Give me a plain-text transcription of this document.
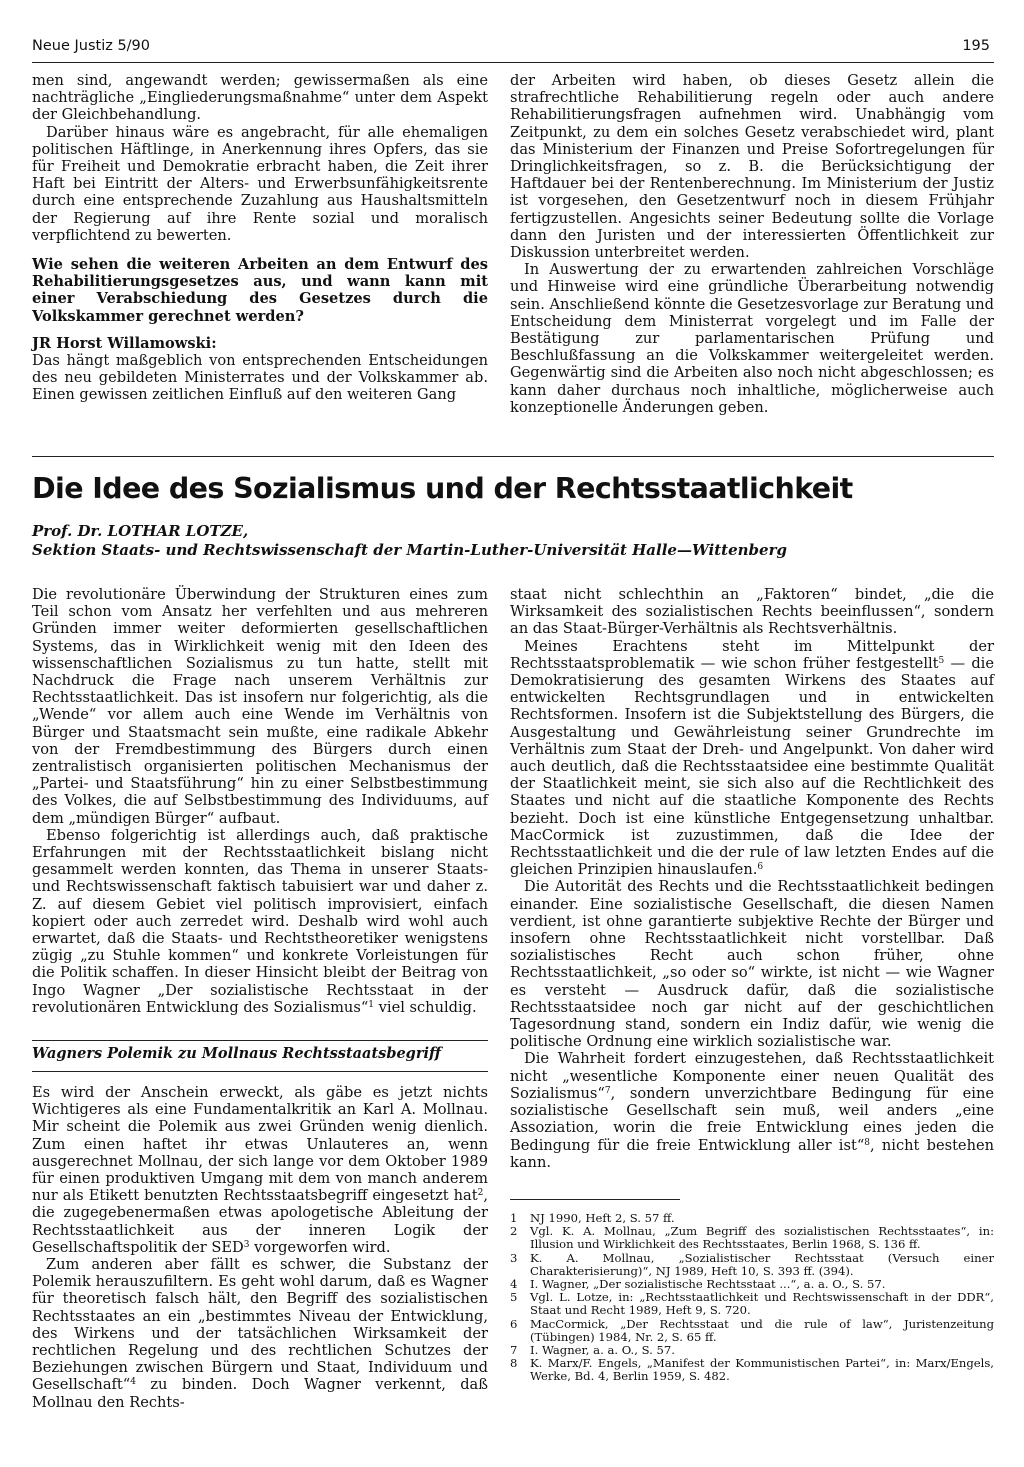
Neue Justiz 5/90	195

men sind, angewandt werden; gewissermaßen als eine nachträgliche „Eingliederungsmaßnahme“ unter dem Aspekt der Gleichbehandlung.

Darüber hinaus wäre es angebracht, für alle ehemaligen politischen Häftlinge, in Anerkennung ihres Opfers, das sie für Freiheit und Demokratie erbracht haben, die Zeit ihrer Haft bei Eintritt der Alters- und Erwerbsunfähigkeitsrente durch eine entsprechende Zuzahlung aus Haushaltsmitteln der Regierung auf ihre Rente sozial und moralisch verpflichtend zu bewerten.

Wie sehen die weiteren Arbeiten an dem Entwurf des Rehabilitierungsgesetzes aus, und wann kann mit einer Verabschiedung des Gesetzes durch die Volkskammer gerechnet werden?

JR Horst Willamowski:

Das hängt maßgeblich von entsprechenden Entscheidungen des neu gebildeten Ministerrates und der Volkskammer ab. Einen gewissen zeitlichen Einfluß auf den weiteren Gang

der Arbeiten wird haben, ob dieses Gesetz allein die strafrechtliche Rehabilitierung regeln oder auch andere Rehabilitierungsfragen aufnehmen wird. Unabhängig vom Zeitpunkt, zu dem ein solches Gesetz verabschiedet wird, plant das Ministerium der Finanzen und Preise Sofortregelungen für Dringlichkeitsfragen, so z. B. die Berücksichtigung der Haftdauer bei der Rentenberechnung. Im Ministerium der Justiz ist vorgesehen, den Gesetzentwurf noch in diesem Frühjahr fertigzustellen. Angesichts seiner Bedeutung sollte die Vorlage dann den Juristen und der interessierten Öffentlichkeit zur Diskussion unterbreitet werden.

In Auswertung der zu erwartenden zahlreichen Vorschläge und Hinweise wird eine gründliche Überarbeitung notwendig sein. Anschließend könnte die Gesetzesvorlage zur Beratung und Entscheidung dem Ministerrat vorgelegt und im Falle der Bestätigung zur parlamentarischen Prüfung und Beschlußfassung an die Volkskammer weitergeleitet werden. Gegenwärtig sind die Arbeiten also noch nicht abgeschlossen; es kann daher durchaus noch inhaltliche, möglicherweise auch konzeptionelle Änderungen geben.

Die Idee des Sozialismus und der Rechtsstaatlichkeit
Prof. Dr. LOTHAR LOTZE,
Sektion Staats- und Rechtswissenschaft der Martin-Luther-Universität Halle—Wittenberg

Die revolutionäre Überwindung der Strukturen eines zum Teil schon vom Ansatz her verfehlten und aus mehreren Gründen immer weiter deformierten gesellschaftlichen Systems, das in Wirklichkeit wenig mit den Ideen des wissenschaftlichen Sozialismus zu tun hatte, stellt mit Nachdruck die Frage nach unserem Verhältnis zur Rechtsstaatlichkeit. Das ist insofern nur folgerichtig, als die „Wende“ vor allem auch eine Wende im Verhältnis von Bürger und Staatsmacht sein mußte, eine radikale Abkehr von der Fremdbestimmung des Bürgers durch einen zentralistisch organisierten politischen Mechanismus der „Partei- und Staatsführung“ hin zu einer Selbstbestimmung des Volkes, die auf Selbstbestimmung des Individuums, auf dem „mündigen Bürger“ aufbaut.

Ebenso folgerichtig ist allerdings auch, daß praktische Erfahrungen mit der Rechtsstaatlichkeit bislang nicht gesammelt werden konnten, das Thema in unserer Staats- und Rechtswissenschaft faktisch tabuisiert war und daher z. Z. auf diesem Gebiet viel politisch improvisiert, einfach kopiert oder auch zerredet wird. Deshalb wird wohl auch erwartet, daß die Staats- und Rechtstheoretiker wenigstens zügig „zu Stuhle kommen“ und konkrete Vorleistungen für die Politik schaffen. In dieser Hinsicht bleibt der Beitrag von Ingo Wagner „Der sozialistische Rechtsstaat in der revolutionären Entwicklung des Sozialismus“$^1$ viel schuldig.

Wagners Polemik zu Mollnaus Rechtsstaatsbegriff

Es wird der Anschein erweckt, als gäbe es jetzt nichts Wichtigeres als eine Fundamentalkritik an Karl A. Mollnau. Mir scheint die Polemik aus zwei Gründen wenig dienlich. Zum einen haftet ihr etwas Unlauteres an, wenn ausgerechnet Mollnau, der sich lange vor dem Oktober 1989 für einen produktiven Umgang mit dem von manch anderem nur als Etikett benutzten Rechtsstaatsbegriff eingesetzt hat$^2$, die zugegebenermaßen etwas apologetische Ableitung der Rechtsstaatlichkeit aus der inneren Logik der Gesellschaftspolitik der SED$^3$ vorgeworfen wird.

Zum anderen aber fällt es schwer, die Substanz der Polemik herauszufiltern. Es geht wohl darum, daß es Wagner für theoretisch falsch hält, den Begriff des sozialistischen Rechtsstaates an ein „bestimmtes Niveau der Entwicklung, des Wirkens und der tatsächlichen Wirksamkeit der rechtlichen Regelung und des rechtlichen Schutzes der Beziehungen zwischen Bürgern und Staat, Individuum und Gesellschaft“$^4$ zu binden. Doch Wagner verkennt, daß Mollnau den Rechts-

staat nicht schlechthin an „Faktoren“ bindet, „die die Wirksamkeit des sozialistischen Rechts beeinflussen“, sondern an das Staat-Bürger-Verhältnis als Rechtsverhältnis.

Meines Erachtens steht im Mittelpunkt der Rechtsstaatsproblematik — wie schon früher festgestellt$^5$ — die Demokratisierung des gesamten Wirkens des Staates auf entwickelten Rechtsgrundlagen und in entwickelten Rechtsformen. Insofern ist die Subjektstellung des Bürgers, die Ausgestaltung und Gewährleistung seiner Grundrechte im Verhältnis zum Staat der Dreh- und Angelpunkt. Von daher wird auch deutlich, daß die Rechtsstaatsidee eine bestimmte Qualität der Staatlichkeit meint, sie sich also auf die Rechtlichkeit des Staates und nicht auf die staatliche Komponente des Rechts bezieht. Doch ist eine künstliche Entgegensetzung unhaltbar. MacCormick ist zuzustimmen, daß die Idee der Rechtsstaatlichkeit und die der rule of law letzten Endes auf die gleichen Prinzipien hinauslaufen.$^6$

Die Autorität des Rechts und die Rechtsstaatlichkeit bedingen einander. Eine sozialistische Gesellschaft, die diesen Namen verdient, ist ohne garantierte subjektive Rechte der Bürger und insofern ohne Rechtsstaatlichkeit nicht vorstellbar. Daß sozialistisches Recht auch schon früher, ohne Rechtsstaatlichkeit, „so oder so“ wirkte, ist nicht — wie Wagner es versteht — Ausdruck dafür, daß die sozialistische Rechtsstaatsidee noch gar nicht auf der geschichtlichen Tagesordnung stand, sondern ein Indiz dafür, wie wenig die politische Ordnung eine wirklich sozialistische war.

Die Wahrheit fordert einzugestehen, daß Rechtsstaatlichkeit nicht „wesentliche Komponente einer neuen Qualität des Sozialismus“$^7$, sondern unverzichtbare Bedingung für eine sozialistische Gesellschaft sein muß, weil anders „eine Assoziation, worin die freie Entwicklung eines jeden die Bedingung für die freie Entwicklung aller ist“$^8$, nicht bestehen kann.

1	NJ 1990, Heft 2, S. 57 ff.
2	Vgl. K. A. Mollnau, „Zum Begriff des sozialistischen Rechtsstaates“, in: Illusion und Wirklichkeit des Rechtsstaates, Berlin 1968, S. 136 ff.
3	K. A. Mollnau, „Sozialistischer Rechtsstaat (Versuch einer Charakterisierung)“, NJ 1989, Heft 10, S. 393 ff. (394).
4	I. Wagner, „Der sozialistische Rechtsstaat ...“, a. a. O., S. 57.
5	Vgl. L. Lotze, in: „Rechtsstaatlichkeit und Rechtswissenschaft in der DDR“, Staat und Recht 1989, Heft 9, S. 720.
6	MacCormick, „Der Rechtsstaat und die rule of law“, Juristenzeitung (Tübingen) 1984, Nr. 2, S. 65 ff.
7	I. Wagner, a. a. O., S. 57.
8	K. Marx/F. Engels, „Manifest der Kommunistischen Partei“, in: Marx/Engels, Werke, Bd. 4, Berlin 1959, S. 482.
